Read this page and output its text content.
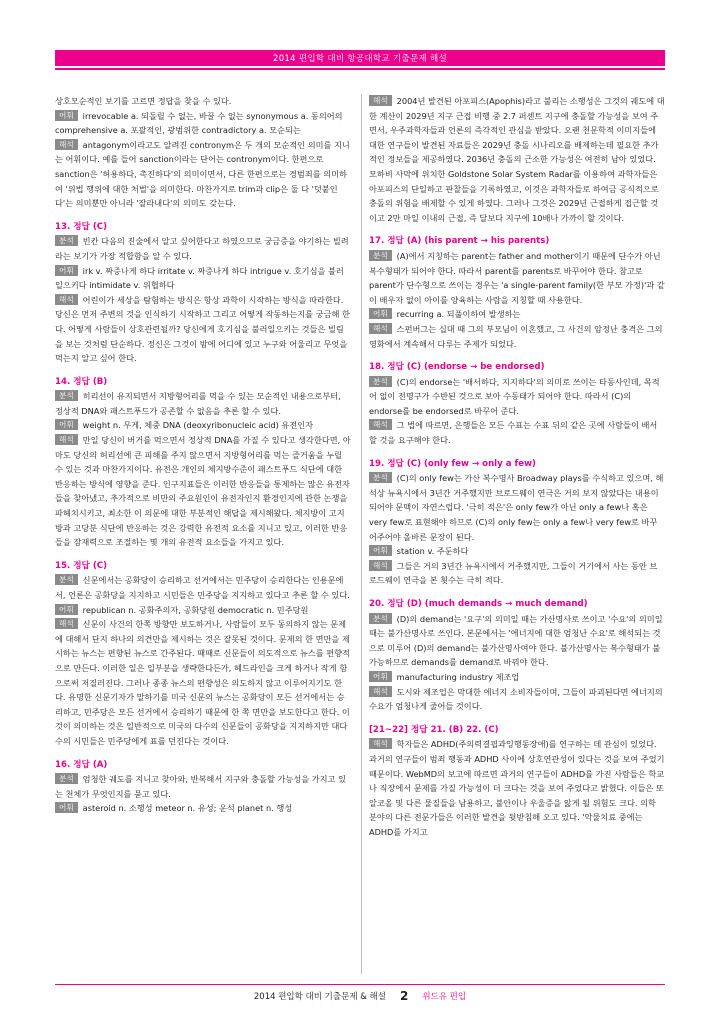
2014 편입학 대비 항공대학교 기출문제 해설

상호모순적인 보기를 고르면 정답을 찾을 수 있다.

어휘 irrevocable a. 되돌릴 수 없는, 바꿀 수 없는 synonymous a. 동의어의 comprehensive a. 포괄적인, 광범위한 contradictory a. 모순되는

해석 antagonym이라고도 알려진 contronym은 두 개의 모순적인 의미를 지니는 어휘이다. 예를 들어 sanction이라는 단어는 contronym이다. 한편으로 sanction은 '허용하다, 촉진하다'의 의미이면서, 다른 한편으로는 경범죄를 의미하여 '위법 행위에 대한 처벌'을 의미한다. 마찬가지로 trim과 clip은 둘 다 '덧붙인다'는 의미뿐만 아니라 '잘라내다'의 의미도 갖는다.

13. 정답 (C)

분석 빈칸 다음의 진술에서 알고 싶어한다고 하였으므로 궁금증을 야기하는 빌려라는 보기가 가장 적합함을 알 수 있다.

어휘 irk v. 짜증나게 하다 irritate v. 짜증나게 하다 intrigue v. 호기심을 불러일으키다 intimidate v. 위협하다

해석 어린이가 세상을 탐험하는 방식은 항상 과학이 시작하는 방식을 따라한다. 당신은 먼저 주변의 것을 인식하기 시작하고 그리고 어떻게 작동하는지를 궁금해 한다. 어떻게 사람들이 상호관련될까? 당신에게 호기심을 불러일으키는 것들은 빌림을 보는 것처럼 단순하다. 정신은 그것이 밤에 어디에 있고 누구와 어울리고 무엇을 먹는지 알고 싶어 한다.

14. 정답 (B)

분석 히리선이 유지되면서 지방형어리를 먹을 수 있는 모순적인 내용으로부터, 정상적 DNA와 패스트푸드가 공존할 수 없음을 추론 할 수 있다.

어휘 weight n. 무게, 체중 DNA (deoxyribonucleic acid) 유전인자

해석 만일 당신이 버거를 먹으면서 정상적 DNA를 가질 수 있다고 생각한다면, 아마도 당신의 허리선에 큰 피해를 주지 않으면서 지방형어리를 먹는 즐거움을 누릴 수 있는 것과 마찬가지이다. 유전은 개인의 체지방수준이 패스트푸드 식단에 대한 반응하는 방식에 영향을 준다. 인구지표들은 이러한 반응들을 통제하는 많은 유전자들을 찾아냈고, 추가적으로 비만의 주요원인이 유전자인지 환경인지에 관한 논쟁을 파헤치시키고, 최소한 이 의문에 대한 부분적인 해답을 제시해왔다. 체지방이 고지방과 고당분 식단에 반응하는 것은 강력한 유전적 요소를 지니고 있고, 이러한 반응들을 잠재력으로 조절하는 몇 개의 유전적 요소들을 가지고 있다.

15. 정답 (C)

분석 신문에서는 공화당이 승리하고 선거에서는 민주당이 승리한다는 인용문에서, 언론은 공화당을 지지하고 시민들은 민주당을 지지하고 있다고 추론 할 수 있다.

어휘 republican n. 공화주의자, 공화당원 democratic n. 민주당원

해석 신문이 사건의 한쪽 방향만 보도하거나, 사람들이 모두 동의하지 않는 문제에 대해서 단지 하나의 의견만을 제시하는 것은 잘못된 것이다. 문제의 한 면만을 제시하는 뉴스는 편향된 뉴스로 간주된다. 때때로 신문들이 의도적으로 뉴스를 편향적으로 만든다. 이러한 일은 일부분을 생략한다든가, 헤드라인을 크게 하거나 작게 함으로써 저질러진다. 그러나 종종 뉴스의 편향성은 의도하지 않고 이루어지기도 한다. 유명한 신문기자가 말하기를 미국 신문의 뉴스는 공화당이 모든 선거에서는 승리하고, 민주당은 모든 선거에서 승리하기 때문에 한 쪽 면만을 보도한다고 한다. 이것이 의미하는 것은 일반적으로 미국의 다수의 신문들이 공화당을 지지하지만 대다수의 시민들은 민주당에게 표를 던진다는 것이다.

16. 정답 (A)

분석 엄청한 궤도를 지니고 찾아와, 반복해서 지구와 충돌할 가능성을 가지고 있는 천체가 무엇인지를 묻고 있다.

어휘 asteroid n. 소행성 meteor n. 유성; 운석 planet n. 행성

해석 2004년 발견된 아포피스(Apophis)라고 불리는 소행성은 그것의 궤도에 대한 계산이 2029년 지구 근접 비행 중 2.7 퍼센트 지구에 충돌할 가능성을 보여 주면서, 우주과학자들과 언론의 즉각적인 관심을 받았다. 오랜 천문학적 이미지들에 대한 연구들이 발견된 자료들은 2029년 충돌 시나리오를 배제하는데 필요한 추가적인 정보들을 제공하였다. 2036년 충돌의 근소한 가능성은 여전히 남아 있었다. 모하비 사막에 위치한 Goldstone Solar System Radar를 이용하여 과학자들은 아포피스의 단일하고 판찰들을 기록하였고, 이것은 과학자들로 하여금 공식적으로 충돌의 위험을 배제할 수 있게 하였다. 그러나 그것은 2029년 근접하게 접근할 것이고 2만 마일 이내의 근접, 즉 달보다 지구에 10배나 가까이 할 것이다.

17. 정답 (A) (his parent → his parents)

분석 (A)에서 지칭하는 parent는 father and mother이기 때문에 단수가 아닌 복수형태가 되어야 한다. 따라서 parent를 parents로 바꾸어야 한다. 참고로 parent가 단수형으로 쓰이는 경우는 'a single-parent family(한 부모 가정)'과 같이 배우자 없이 아이를 양육하는 사람을 지칭할 때 사용한다.

어휘 recurring a. 되풀이하여 발생하는

해석 스펀버그는 십대 때 그의 부모님이 이혼했고, 그 사건의 암정난 충격은 그의 영화에서 계속해서 다루는 주제가 되었다.

18. 정답 (C) (endorse → be endorsed)

분석 (C)의 endorse는 '배서하다, 지지하다'의 의미로 쓰이는 타동사인데, 목적어 없이 전명구가 수반된 것으로 보아 수동태가 되어야 한다. 따라서 (C)의 endorse를 be endorsed로 바꾸어 준다.

해석 그 법에 따르면, 은행들은 모든 수표는 수표 뒤의 같은 곳에 사람들이 배서할 것을 요구해야 한다.

19. 정답 (C) (only few → only a few)

분석 (C)의 only few는 가산 복수명사 Broadway plays를 수식하고 있으며, 해석상 뉴욕시에서 3년간 거주했지만 브로드웨이 연극은 거의 보지 않았다는 내용이 되어야 문맥이 자연스럽다. '극히 적은'은 only few가 아닌 only a few나 혹은 very few로 표현해야 하므로 (C)의 only few는 only a few나 very few로 바꾸어주어야 올바른 문장이 된다.

어휘 station v. 주둔하다

해석 그들은 거의 3년간 뉴욕시에서 거주했지만, 그들이 거기에서 사는 동안 브로드웨이 연극을 본 횟수는 극히 적다.

20. 정답 (D) (much demands → much demand)

분석 (D)의 demand는 '요구'의 의미일 때는 가산명사로 쓰이고 '수요'의 의미일 때는 불가산명사로 쓰인다. 본문에서는 '에너지에 대한 엄청난 수요'로 해석되는 것으로 미루어 (D)의 demand는 불가산명사여야 한다. 불가산명사는 복수형태가 불가능하므로 demands를 demand로 바꿔야 한다.

어휘 manufacturing industry 제조업

해석 도시와 제조업은 막대한 에너지 소비자들이며, 그들이 파괴된다면 에너지의 수요가 엄청나게 줄어들 것이다.

[21~22] 정답 21. (B) 22. (C)

해석 학자들은 ADHD(주의력결핍과잉행동장애)를 연구하는 데 관심이 있었다. 과거의 연구들이 범죄 행동과 ADHD 사이에 상호연관성이 있다는 것을 보여 주었기 때문이다. WebMD의 보고에 따르면 과거의 연구들이 ADHD를 가진 사람들은 학교나 직장에서 문제를 가질 가능성이 더 크다는 것을 보여 주었다고 밝혔다. 이들은 또 알코올 및 다른 물질들을 남용하고, 불안이나 우울증을 앓게 될 위험도 크다. 의학 분야의 다른 전문가들은 이러한 발견을 뒷받침해 오고 있다. '악물치료 중에는 ADHD를 가지고

2014 편입학 대비 기출문제 & 해설 2 위드유 편입
